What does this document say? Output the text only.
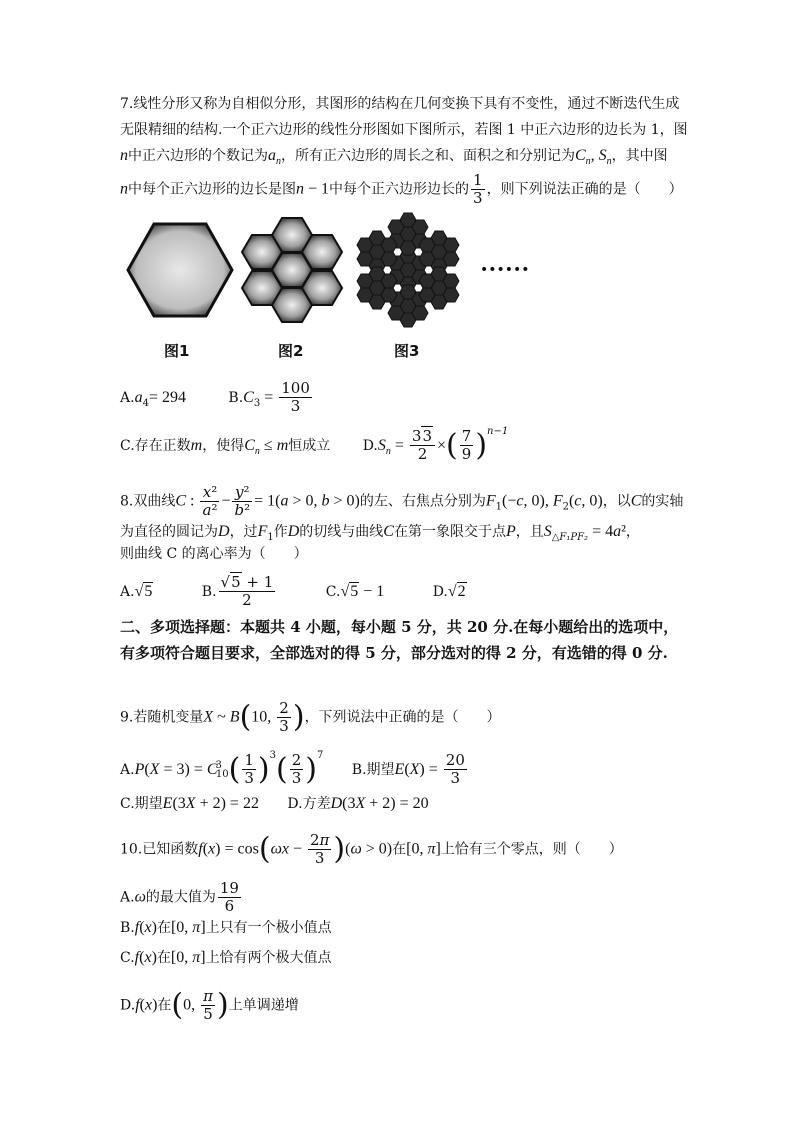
7.线性分形又称为自相似分形，其图形的结构在几何变换下具有不变性，通过不断迭代生成
无限精细的结构.一个正六边形的线性分形图如下图所示，若图 1 中正六边形的边长为 1，图
n中正六边形的个数记为$a_n$，所有正六边形的周长之和、面积之和分别记为$C_n$, $S_n$，其中图
n中每个正六边形的边长是图n − 1中每个正六边形边长的 $\frac{1}{3}$ ，则下列说法正确的是（　　）
••••••
图1	图2	图3
$A.a_4= 294$	$B.C_3 = \frac{100}{3}$
C.存在正数m，使得$C_n \le m$恒成立 $D.S_n = \frac{33}{2}$ ×( $\frac{7}{9} )^{n-1}$
8.双曲线C : $\frac{\text{x²}}{\text{a²}} - \frac{\text{y²}}{\text{b²}} = 1(a > 0$, b > 0)的左、右焦点分别为$F_1(-c$, 0), $F_2(c$, 0)，以C的实轴
为直径的圆记为D，过$F_1$作D的切线与曲线C在第一象限交于点P，且$S_{\triangle F_1PF_2} = 4a^2$，
则曲线 C 的离心率为（　　）
A.√5	B. $\frac{√5 + 1}{2}$	C.√5 − 1	D.√2
二、多项选择题：本题共 4 小题，每小题 5 分，共 20 分.在每小题给出的选项中，有多项符合题目要求，全部选对的得 5 分，部分选对的得 2 分，有选错的得 0 分.
9.若随机变量X ~ B(10, $\frac{2}{3}$ )，下列说法中正确的是（　　）
$A.P(X = 3) = C^3_{10}( \frac{1}{3} )^3( \frac{2}{3} )^7$ B.期望$E(X) = \frac{20}{3}$
C.期望E(3X + 2) = 22 D.方差D(3X + 2) = 20
10.已知函数$f(x) = \cos(\omega x - \frac{2\pi}{3} )(\omega > 0)$在[0, π]上恰有三个零点，则（　　）
A.ω的最大值为 $\frac{19}{6}$
B.f(x)在[0, π]上只有一个极小值点
C.f(x)在[0, π]上恰有两个极大值点
D.f(x)在(0, $\frac{\pi}{5}$ )上单调递增
